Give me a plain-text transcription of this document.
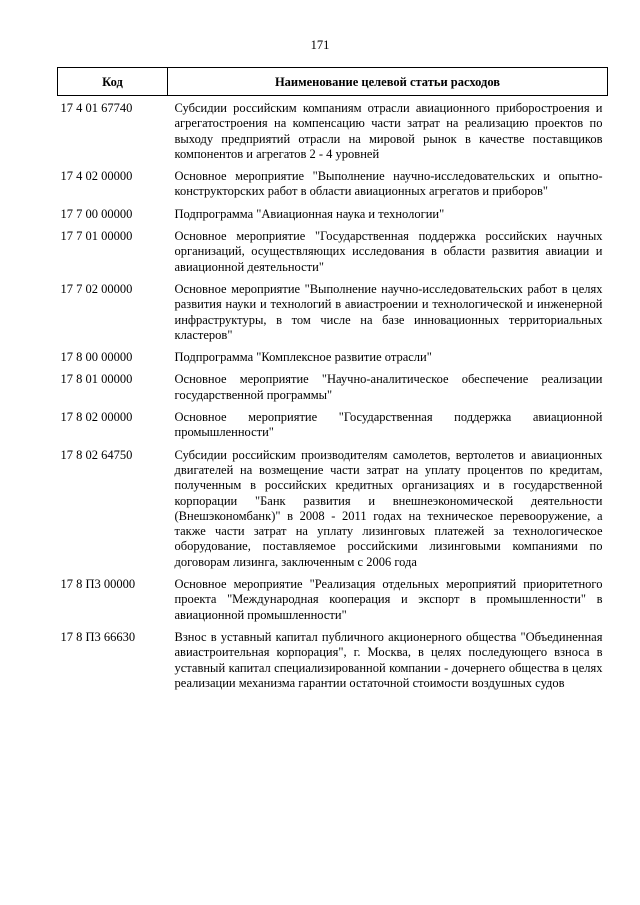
171
Код	Наименование целевой статьи расходов
17 4 01 67740	Субсидии российским компаниям отрасли авиационного приборостроения и агрегатостроения на компенсацию части затрат на реализацию проектов по выходу предприятий отрасли на мировой рынок в качестве поставщиков компонентов и агрегатов 2 - 4 уровней
17 4 02 00000	Основное мероприятие "Выполнение научно-исследовательских и опытно-конструкторских работ в области авиационных агрегатов и приборов"
17 7 00 00000	Подпрограмма "Авиационная наука и технологии"
17 7 01 00000	Основное мероприятие "Государственная поддержка российских научных организаций, осуществляющих исследования в области развития авиации и авиационной деятельности"
17 7 02 00000	Основное мероприятие "Выполнение научно-исследовательских работ в целях развития науки и технологий в авиастроении и технологической и инженерной инфраструктуры, в том числе на базе инновационных территориальных кластеров"
17 8 00 00000	Подпрограмма "Комплексное развитие отрасли"
17 8 01 00000	Основное мероприятие "Научно-аналитическое обеспечение реализации государственной программы"
17 8 02 00000	Основное мероприятие "Государственная поддержка авиационной промышленности"
17 8 02 64750	Субсидии российским производителям самолетов, вертолетов и авиационных двигателей на возмещение части затрат на уплату процентов по кредитам, полученным в российских кредитных организациях и в государственной корпорации "Банк развития и внешнеэкономической деятельности (Внешэкономбанк)" в 2008 - 2011 годах на техническое перевооружение, а также части затрат на уплату лизинговых платежей за технологическое оборудование, поставляемое российскими лизинговыми компаниями по договорам лизинга, заключенным с 2006 года
17 8 П3 00000	Основное мероприятие "Реализация отдельных мероприятий приоритетного проекта "Международная кооперация и экспорт в промышленности" в авиационной промышленности"
17 8 П3 66630	Взнос в уставный капитал публичного акционерного общества "Объединенная авиастроительная корпорация", г. Москва, в целях последующего взноса в уставный капитал специализированной компании - дочернего общества в целях реализации механизма гарантии остаточной стоимости воздушных судов
